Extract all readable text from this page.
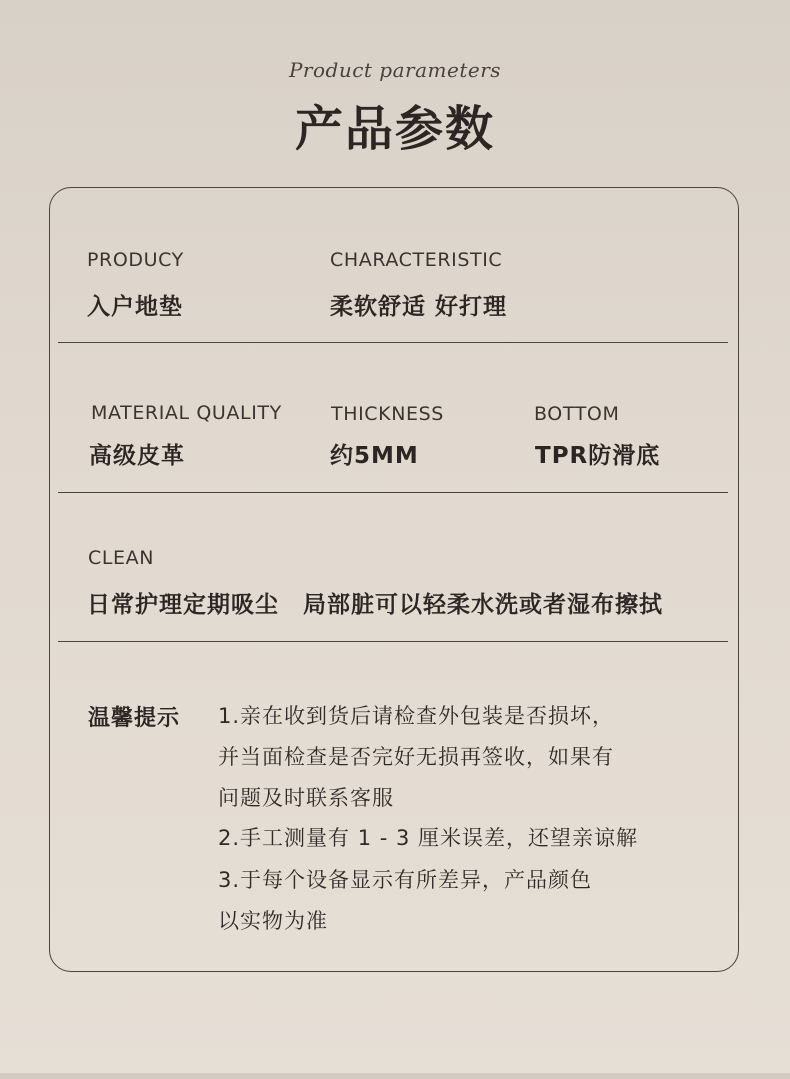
Product parameters
产品参数
PRODUCY
入户地垫
CHARACTERISTIC
柔软舒适 好打理
MATERIAL QUALITY
高级皮革
THICKNESS
约5MM
BOTTOM
TPR防滑底
CLEAN
日常护理定期吸尘　局部脏可以轻柔水洗或者湿布擦拭
温馨提示 1.亲在收到货后请检查外包装是否损坏，
并当面检查是否完好无损再签收，如果有
问题及时联系客服
2.手工测量有 1 - 3 厘米误差，还望亲谅解
3.于每个设备显示有所差异，产品颜色
以实物为准
